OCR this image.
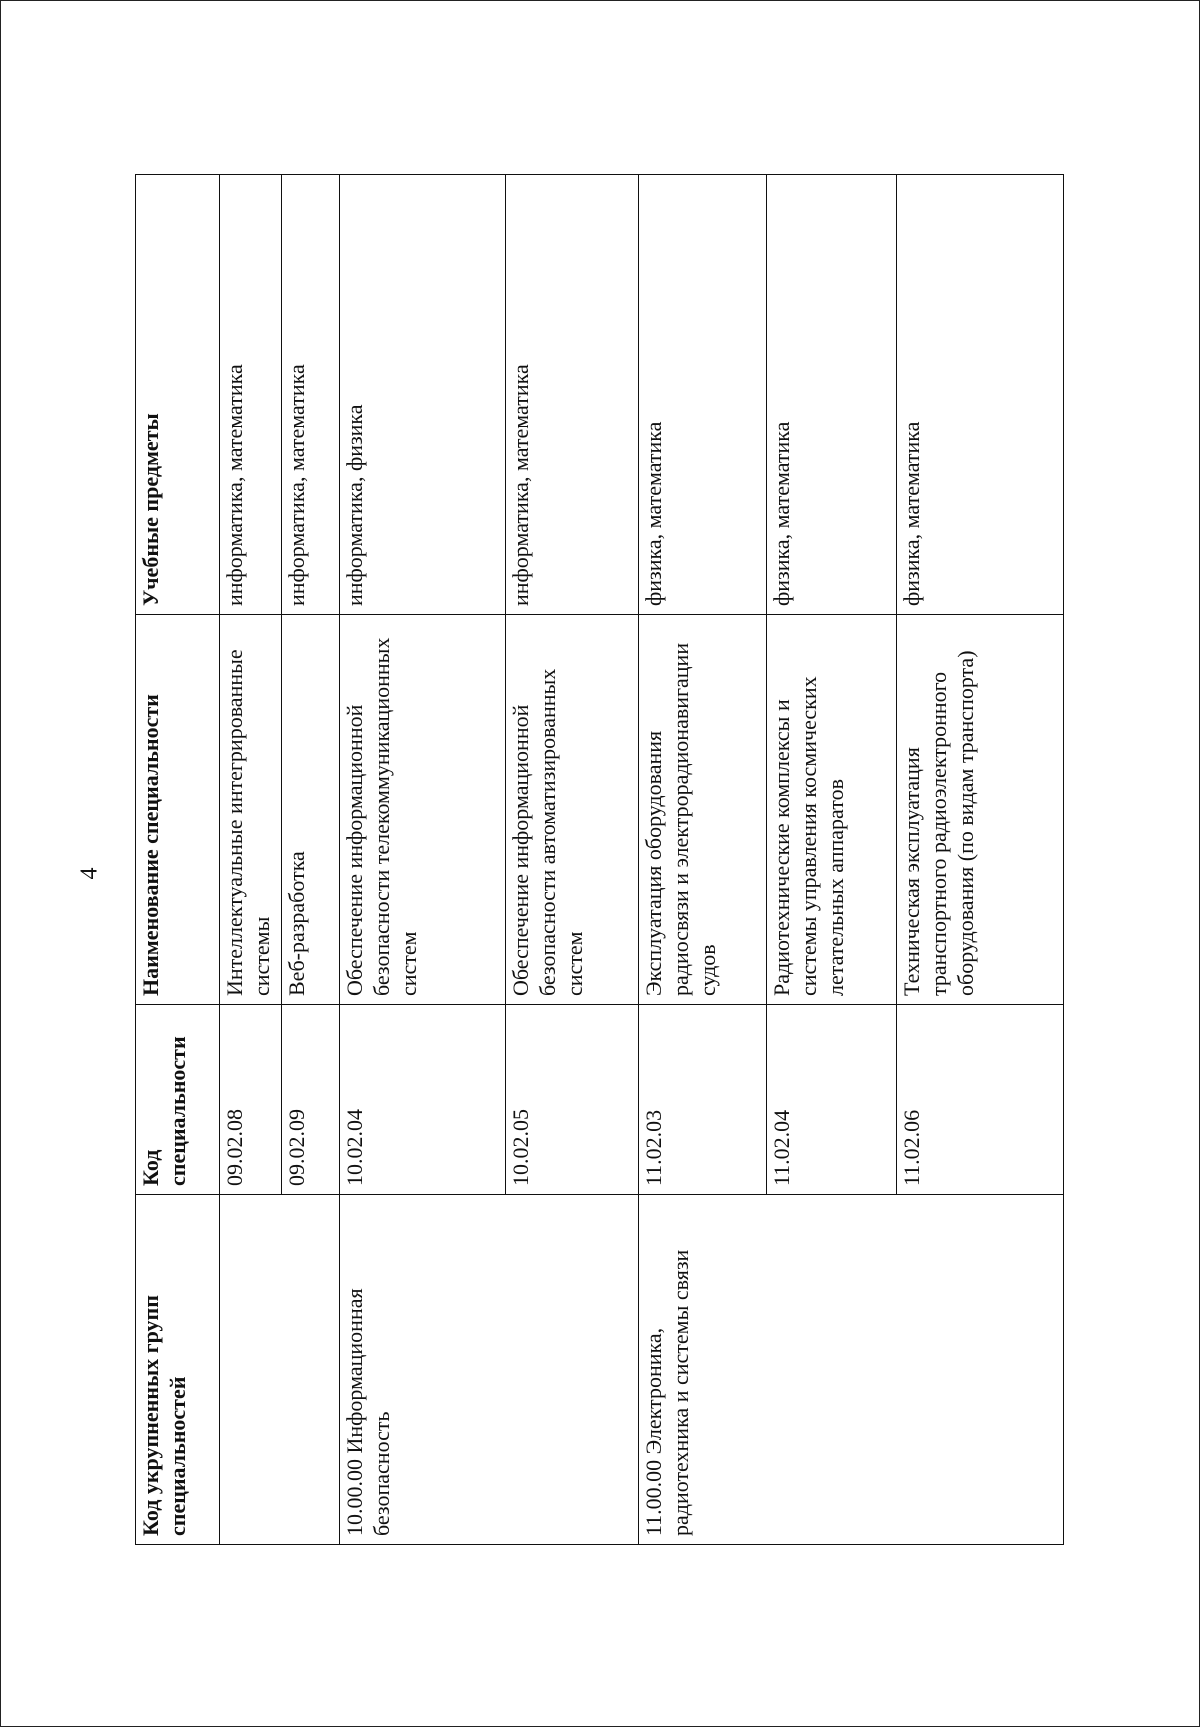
4
Код укрупненных групп специальностей	Код специальности	Наименование специальности	Учебные предметы
	09.02.08	Интеллектуальные интегрированные системы	информатика, математика
	09.02.09	Веб-разработка	информатика, математика
10.00.00 Информационная безопасность	10.02.04	Обеспечение информационной безопасности телекоммуникационных систем	информатика, физика
	10.02.05	Обеспечение информационной безопасности автоматизированных систем	информатика, математика
11.00.00 Электроника, радиотехника и системы связи	11.02.03	Эксплуатация оборудования радиосвязи и электрорадионавигации судов	физика, математика
	11.02.04	Радиотехнические комплексы и системы управления космических летательных аппаратов	физика, математика
	11.02.06	Техническая эксплуатация транспортного радиоэлектронного оборудования (по видам транспорта)	физика, математика
